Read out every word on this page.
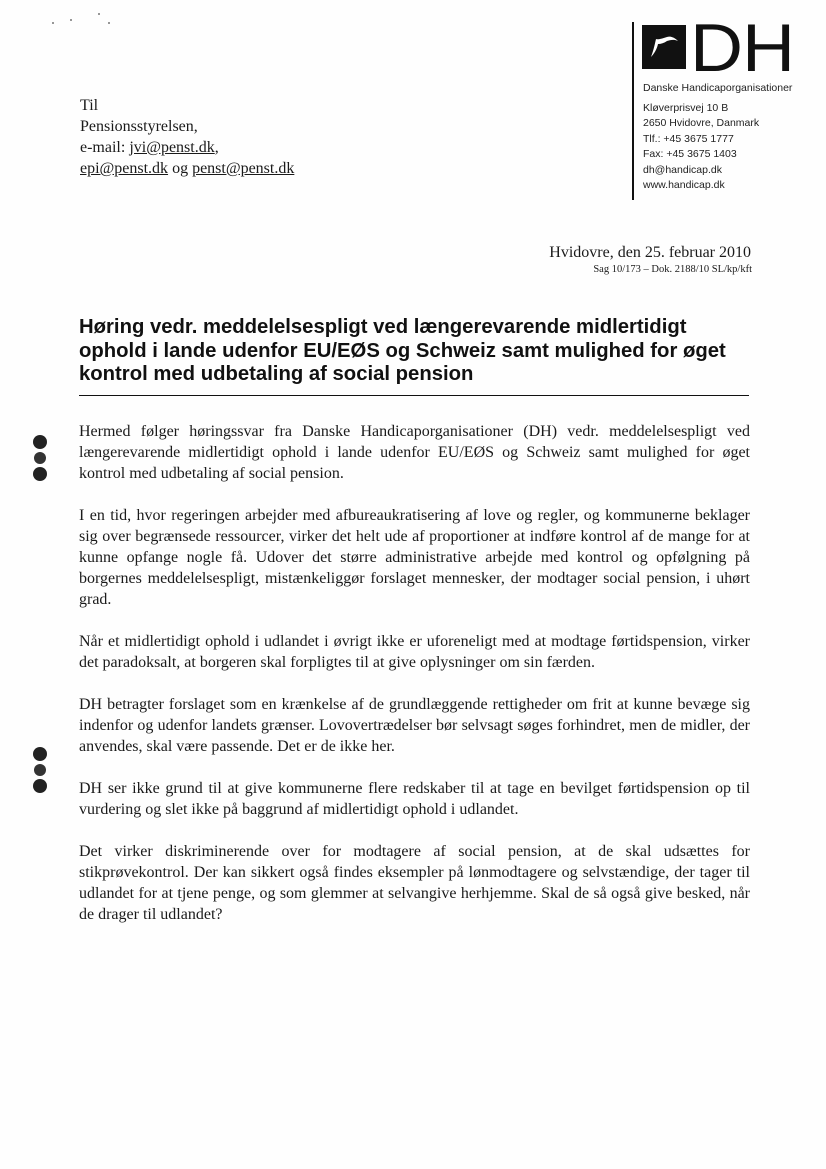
DH
Danske Handicaporganisationer
Kløverprisvej 10 B
2650 Hvidovre, Danmark
Tlf.: +45 3675 1777
Fax: +45 3675 1403
dh@handicap.dk
www.handicap.dk
Til
Pensionsstyrelsen,
e-mail: jvi@penst.dk,
epi@penst.dk og penst@penst.dk
Hvidovre, den 25. februar 2010
Sag 10/173 – Dok. 2188/10 SL/kp/kft
Høring vedr. meddelelsespligt ved længerevarende midlertidigt ophold i lande udenfor EU/EØS og Schweiz samt mulighed for øget kontrol med udbetaling af social pension

Hermed følger høringssvar fra Danske Handicaporganisationer (DH) vedr. meddelelsespligt ved længerevarende midlertidigt ophold i lande udenfor EU/EØS og Schweiz samt mulighed for øget kontrol med udbetaling af social pension.

I en tid, hvor regeringen arbejder med afbureaukratisering af love og regler, og kommunerne beklager sig over begrænsede ressourcer, virker det helt ude af proportioner at indføre kontrol af de mange for at kunne opfange nogle få. Udover det større administrative arbejde med kontrol og opfølgning på borgernes meddelelsespligt, mistænkeliggør forslaget mennesker, der modtager social pension, i uhørt grad.

Når et midlertidigt ophold i udlandet i øvrigt ikke er uforeneligt med at modtage førtidspension, virker det paradoksalt, at borgeren skal forpligtes til at give oplysninger om sin færden.

DH betragter forslaget som en krænkelse af de grundlæggende rettigheder om frit at kunne bevæge sig indenfor og udenfor landets grænser. Lovovertrædelser bør selvsagt søges forhindret, men de midler, der anvendes, skal være passende. Det er de ikke her.

DH ser ikke grund til at give kommunerne flere redskaber til at tage en bevilget førtidspension op til vurdering og slet ikke på baggrund af midlertidigt ophold i udlandet.

Det virker diskriminerende over for modtagere af social pension, at de skal udsættes for stikprøvekontrol. Der kan sikkert også findes eksempler på lønmodtagere og selvstændige, der tager til udlandet for at tjene penge, og som glemmer at selvangive herhjemme. Skal de så også give besked, når de drager til udlandet?
